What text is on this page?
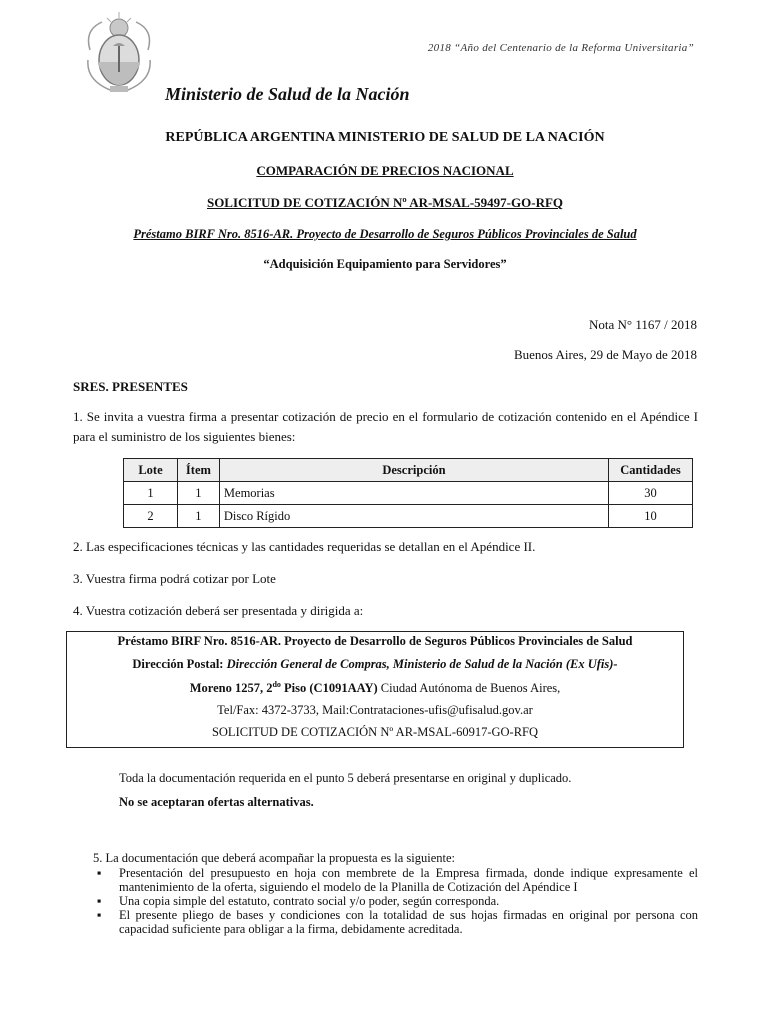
2018 “Año del Centenario de la Reforma Universitaria”
Ministerio de Salud de la Nación
REPÚBLICA ARGENTINA MINISTERIO DE SALUD DE LA NACIÓN
COMPARACIÓN DE PRECIOS NACIONAL
SOLICITUD DE COTIZACIÓN Nº AR-MSAL-59497-GO-RFQ
Préstamo BIRF Nro. 8516-AR. Proyecto de Desarrollo de Seguros Públicos Provinciales de Salud
“Adquisición Equipamiento para Servidores”
Nota N° 1167 / 2018
Buenos Aires, 29 de Mayo de 2018
SRES. PRESENTES
1. Se invita a vuestra firma a presentar cotización de precio en el formulario de cotización contenido en el Apéndice I para el suministro de los siguientes bienes:
Lote	Ítem	Descripción	Cantidades
1	1	Memorias	30
2	1	Disco Rígido	10
2. Las especificaciones técnicas y las cantidades requeridas se detallan en el Apéndice II.
3. Vuestra firma podrá cotizar por Lote
4. Vuestra cotización deberá ser presentada y dirigida a:
Préstamo BIRF Nro. 8516-AR. Proyecto de Desarrollo de Seguros Públicos Provinciales de Salud
Dirección Postal: Dirección General de Compras, Ministerio de Salud de la Nación (Ex Ufis)-
Moreno 1257, $2^{do}$ Piso (C1091AAY) Ciudad Autónoma de Buenos Aires,
Tel/Fax: 4372-3733, Mail:Contrataciones-ufis@ufisalud.gov.ar
SOLICITUD DE COTIZACIÓN Nº AR-MSAL-60917-GO-RFQ
Toda la documentación requerida en el punto 5 deberá presentarse en original y duplicado.
No se aceptaran ofertas alternativas.
5. La documentación que deberá acompañar la propuesta es la siguiente:
▪ Presentación del presupuesto en hoja con membrete de la Empresa firmada, donde indique expresamente el mantenimiento de la oferta, siguiendo el modelo de la Planilla de Cotización del Apéndice I
▪ Una copia simple del estatuto, contrato social y/o poder, según corresponda.
▪ El presente pliego de bases y condiciones con la totalidad de sus hojas firmadas en original por persona con capacidad suficiente para obligar a la firma, debidamente acreditada.
